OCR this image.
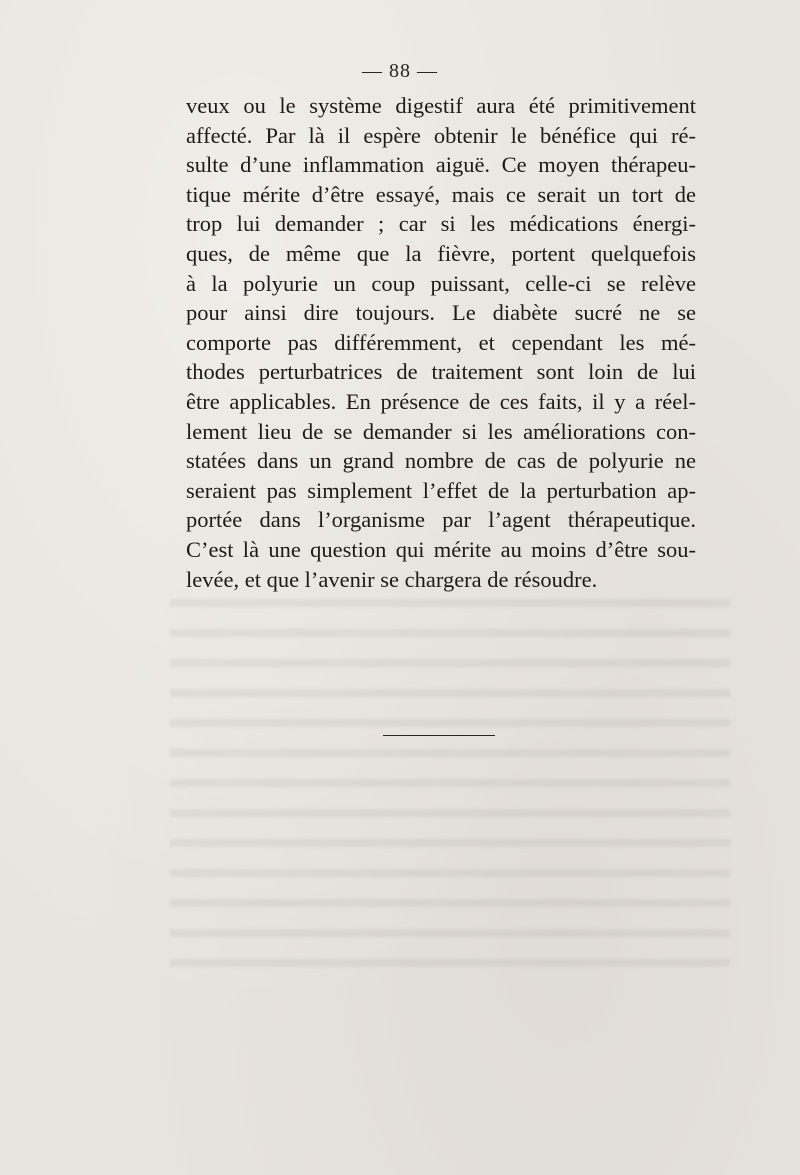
— 88 —
veux ou le système digestif aura été primitivement
affecté. Par là il espère obtenir le bénéfice qui ré-
sulte d’une inflammation aiguë. Ce moyen thérapeu-
tique mérite d’être essayé, mais ce serait un tort de
trop lui demander ; car si les médications énergi-
ques, de même que la fièvre, portent quelquefois
à la polyurie un coup puissant, celle-ci se relève
pour ainsi dire toujours. Le diabète sucré ne se
comporte pas différemment, et cependant les mé-
thodes perturbatrices de traitement sont loin de lui
être applicables. En présence de ces faits, il y a réel-
lement lieu de se demander si les améliorations con-
statées dans un grand nombre de cas de polyurie ne
seraient pas simplement l’effet de la perturbation ap-
portée dans l’organisme par l’agent thérapeutique.
C’est là une question qui mérite au moins d’être sou-
levée, et que l’avenir se chargera de résoudre.
